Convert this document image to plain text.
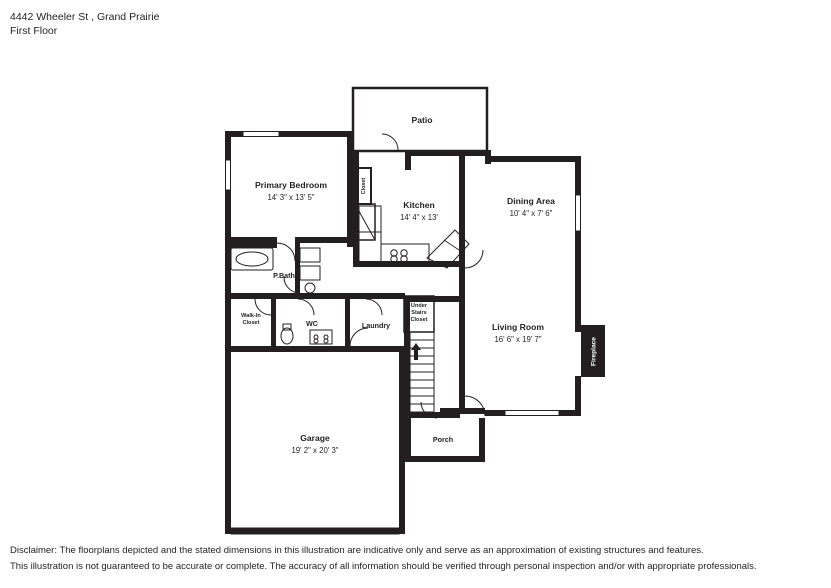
4442 Wheeler St , Grand Prairie
First Floor
Primary Bedroom
14' 3" x 13' 5"
Patio
Kitchen
14' 4" x 13'
Dining Area
10' 4" x 7' 6"
P.Bath
Walk-In
Closet	WC	Laundry
Under
Stairs
Closet
Living Room
16' 6" x 19' 7"
Garage
19' 2" x 20' 3"
Porch
Fireplace
Closet
Disclaimer: The floorplans depicted and the stated dimensions in this illustration are indicative only and serve as an approximation of existing structures and features.
This illustration is not guaranteed to be accurate or complete. The accuracy of all information should be verified through personal inspection and/or with appropriate professionals.
